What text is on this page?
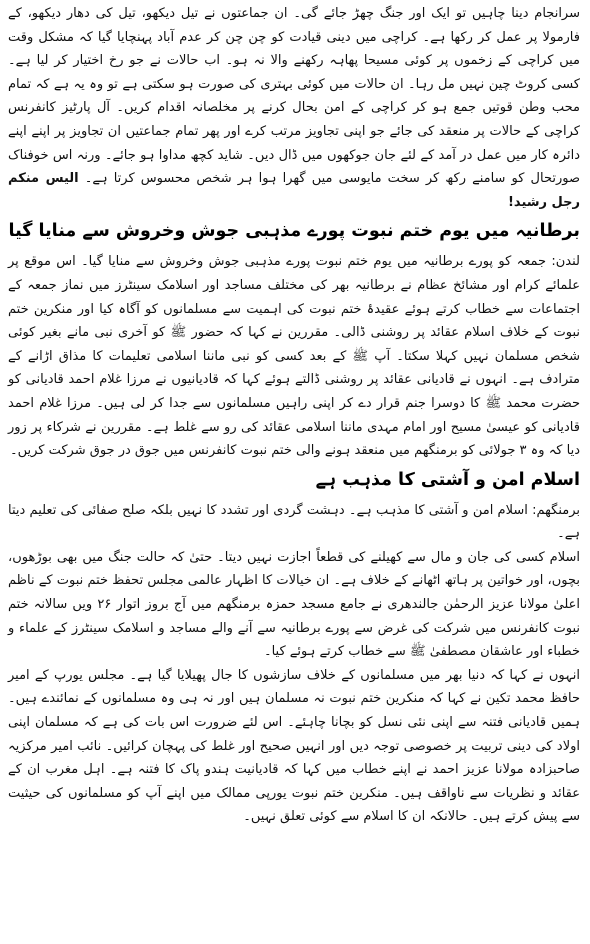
سرانجام دینا چاہیں تو ایک اور جنگ چھڑ جائے گی۔ ان جماعتوں نے تیل دیکھو، تیل کی دھار دیکھو، کے فارمولا پر عمل کر رکھا ہے۔ کراچی میں دینی قیادت کو چن چن کر عدم آباد پہنچایا گیا کہ مشکل وقت میں کراچی کے زخموں پر کوئی مسیحا پھاہہ رکھنے والا نہ ہو۔ اب حالات نے جو رخ اختیار کر لیا ہے۔ کسی کروٹ چین نہیں مل رہا۔ ان حالات میں کوئی بہتری کی صورت ہو سکتی ہے تو وہ یہ ہے کہ تمام محب وطن قوتیں جمع ہو کر کراچی کے امن بحال کرنے پر مخلصانہ اقدام کریں۔ آل پارٹیز کانفرنس کراچی کے حالات پر منعقد کی جائے جو اپنی تجاویز مرتب کرے اور پھر تمام جماعتیں ان تجاویز پر اپنے اپنے دائرہ کار میں عمل در آمد کے لئے جان جوکھوں میں ڈال دیں۔ شاید کچھ مداوا ہو جائے۔ ورنہ اس خوفناک صورتحال کو سامنے رکھ کر سخت مایوسی میں گھرا ہوا ہر شخص محسوس کرتا ہے۔ الیس منکم رجل رشید!

برطانیہ میں یوم ختم نبوت پورے مذہبی جوش وخروش سے منایا گیا

لندن: جمعہ کو پورے برطانیہ میں یوم ختم نبوت پورے مذہبی جوش وخروش سے منایا گیا۔ اس موقع پر علمائے کرام اور مشائخ عظام نے برطانیہ بھر کی مختلف مساجد اور اسلامک سینٹرز میں نماز جمعہ کے اجتماعات سے خطاب کرتے ہوئے عقیدۂ ختم نبوت کی اہمیت سے مسلمانوں کو آگاہ کیا اور منکرین ختم نبوت کے خلاف اسلام عقائد پر روشنی ڈالی۔ مقررین نے کہا کہ حضور ﷺ کو آخری نبی مانے بغیر کوئی شخص مسلمان نہیں کہلا سکتا۔ آپ ﷺ کے بعد کسی کو نبی ماننا اسلامی تعلیمات کا مذاق اڑانے کے مترادف ہے۔ انہوں نے قادیانی عقائد پر روشنی ڈالتے ہوئے کہا کہ قادیانیوں نے مرزا غلام احمد قادیانی کو حضرت محمد ﷺ کا دوسرا جنم قرار دے کر اپنی راہیں مسلمانوں سے جدا کر لی ہیں۔ مرزا غلام احمد قادیانی کو عیسیٰ مسیح اور امام مہدی ماننا اسلامی عقائد کی رو سے غلط ہے۔ مقررین نے شرکاء پر زور دیا کہ وہ ۳ جولائی کو برمنگھم میں منعقد ہونے والی ختم نبوت کانفرنس میں جوق در جوق شرکت کریں۔

اسلام امن و آشتی کا مذہب ہے

برمنگھم: اسلام امن و آشتی کا مذہب ہے۔ دہشت گردی اور تشدد کا نہیں بلکہ صلح صفائی کی تعلیم دیتا ہے۔

اسلام کسی کی جان و مال سے کھیلنے کی قطعاً اجازت نہیں دیتا۔ حتیٰ کہ حالت جنگ میں بھی بوڑھوں، بچوں، اور خواتین پر ہاتھ اٹھانے کے خلاف ہے۔ ان خیالات کا اظہار عالمی مجلس تحفظ ختم نبوت کے ناظم اعلیٰ مولانا عزیز الرحمٰن جالندھری نے جامع مسجد حمزہ برمنگھم میں آج بروز اتوار ۲۶ ویں سالانہ ختم نبوت کانفرنس میں شرکت کی غرض سے پورے برطانیہ سے آنے والے مساجد و اسلامک سینٹرز کے علماء و خطباء اور عاشقان مصطفیٰ ﷺ سے خطاب کرتے ہوئے کیا۔

انہوں نے کہا کہ دنیا بھر میں مسلمانوں کے خلاف سازشوں کا جال پھیلایا گیا ہے۔ مجلس یورپ کے امیر حافظ محمد تکین نے کہا کہ منکرین ختم نبوت نہ مسلمان ہیں اور نہ ہی وہ مسلمانوں کے نمائندے ہیں۔ ہمیں قادیانی فتنہ سے اپنی نئی نسل کو بچانا چاہئے۔ اس لئے ضرورت اس بات کی ہے کہ مسلمان اپنی اولاد کی دینی تربیت پر خصوصی توجہ دیں اور انہیں صحیح اور غلط کی پہچان کرائیں۔ نائب امیر مرکزیہ صاحبزادہ مولانا عزیز احمد نے اپنے خطاب میں کہا کہ قادیانیت ہندو پاک کا فتنہ ہے۔ اہل مغرب ان کے عقائد و نظریات سے ناواقف ہیں۔ منکرین ختم نبوت یورپی ممالک میں اپنے آپ کو مسلمانوں کی حیثیت سے پیش کرتے ہیں۔ حالانکہ ان کا اسلام سے کوئی تعلق نہیں۔
